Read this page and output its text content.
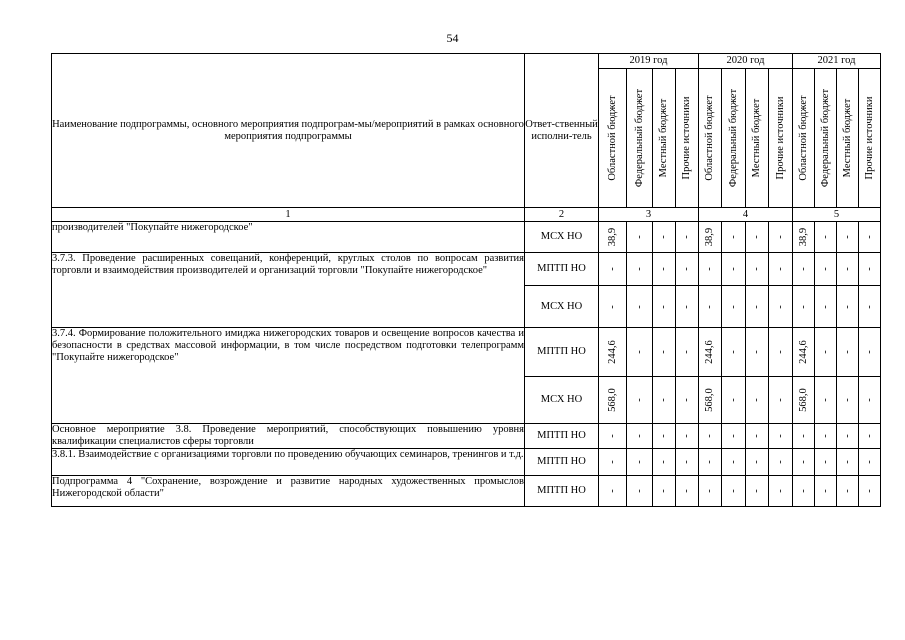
54
Наименование подпрограммы, основного мероприятия подпрограм-мы/мероприятий в рамках основного мероприятия подпрограммы	Ответ-ственный исполни-тель	2019 год				2020 год				2021 год			

		Областной бюджет	Федеральный бюджет	Местный бюджет	Прочие источники	Областной бюджет	Федеральный бюджет	Местный бюджет	Прочие источники	Областной бюджет	Федеральный бюджет	Местный бюджет	Прочие источники

1	2	3				4				5			
производителей "Покупайте нижегородское"	МСХ НО	38,9	-	-	-	38,9	-	-	-	38,9	-	-	-

3.7.3. Проведение расширенных совещаний, конференций, круглых столов по вопросам развития торговли и взаимодействия производителей и организаций торговли "Покупайте нижегородское"	МПТП НО	-	-	-	-	-	-	-	-	-	-	-	-

	МСХ НО	-	-	-	-	-	-	-	-	-	-	-	-

3.7.4. Формирование положительного имиджа нижегородских товаров и освещение вопросов качества и безопасности в средствах массовой информации, в том числе посредством подготовки телепрограмм "Покупайте нижегородское"	МПТП НО	244,6	-	-	-	244,6	-	-	-	244,6	-	-	-

	МСХ НО	568,0	-	-	-	568,0	-	-	-	568,0	-	-	-

Основное мероприятие 3.8. Проведение мероприятий, способствующих повышению уровня квалификации специалистов сферы торговли	МПТП НО	-	-	-	-	-	-	-	-	-	-	-	-

3.8.1. Взаимодействие с организациями торговли по проведению обучающих семинаров, тренингов и т.д.	МПТП НО	-	-	-	-	-	-	-	-	-	-	-	-

Подпрограмма 4 "Сохранение, возрождение и развитие народных художественных промыслов Нижегородской области"	МПТП НО	-	-	-	-	-	-	-	-	-	-	-	-
